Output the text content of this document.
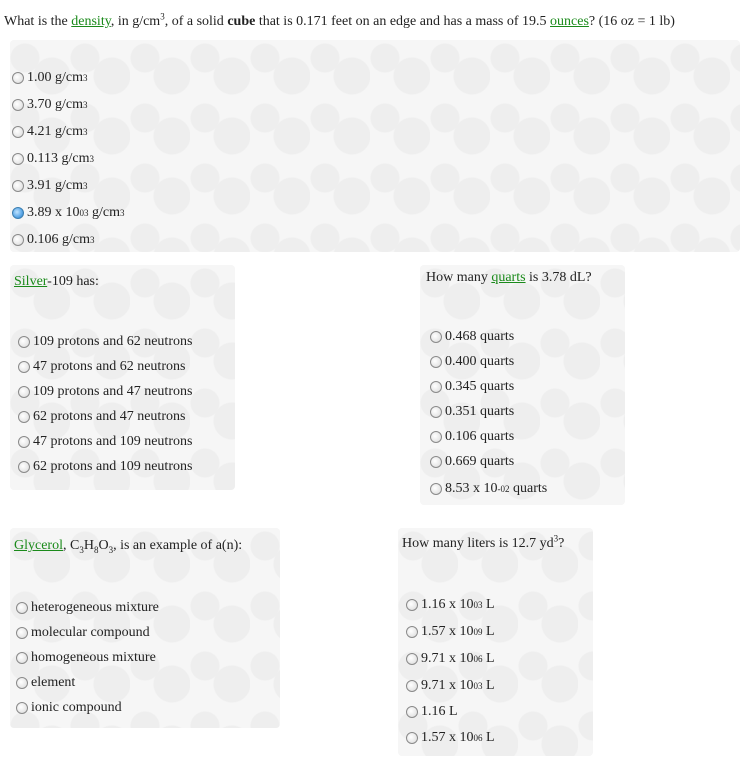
What is the density, in $g/cm^3$, of a solid cube that is 0.171 feet on an edge and has a mass of 19.5 ounces? (16 oz = 1 lb)
1.00 g/cm 3
3.70 g/cm 3
4.21 g/cm 3
0.113 g/cm 3
3.91 g/cm 3
3.89 x 10 03 g/cm 3
0.106 g/cm 3
Silver-109 has:
109 protons and 62 neutrons
47 protons and 62 neutrons
109 protons and 47 neutrons
62 protons and 47 neutrons
47 protons and 109 neutrons
62 protons and 109 neutrons
How many quarts is 3.78 dL?
0.468 quarts
0.400 quarts
0.345 quarts
0.351 quarts
0.106 quarts
0.669 quarts
8.53 x 10 -02 quarts
Glycerol, $C_3H_8O_3$, is an example of a(n):
heterogeneous mixture
molecular compound
homogeneous mixture
element
ionic compound
How many liters is 12.7 $yd^3$?
1.16 x 10 03 L
1.57 x 10 09 L
9.71 x 10 06 L
9.71 x 10 03 L
1.16 L
1.57 x 10 06 L
